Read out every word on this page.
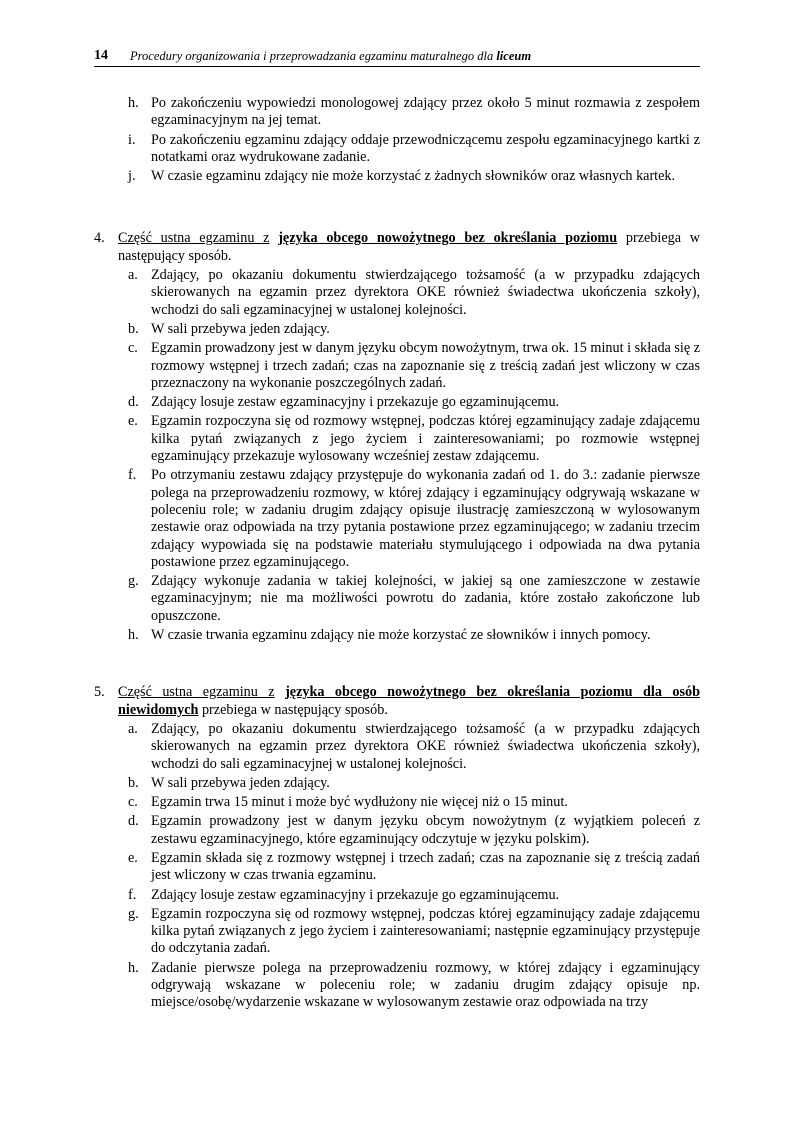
14 Procedury organizowania i przeprowadzania egzaminu maturalnego dla liceum
h. Po zakończeniu wypowiedzi monologowej zdający przez około 5 minut rozmawia z zespołem egzaminacyjnym na jej temat.
i. Po zakończeniu egzaminu zdający oddaje przewodniczącemu zespołu egzaminacyjnego kartki z notatkami oraz wydrukowane zadanie.
j. W czasie egzaminu zdający nie może korzystać z żadnych słowników oraz własnych kartek.
4. Część ustna egzaminu z języka obcego nowożytnego bez określania poziomu przebiega w następujący sposób.
a. Zdający, po okazaniu dokumentu stwierdzającego tożsamość (a w przypadku zdających skierowanych na egzamin przez dyrektora OKE również świadectwa ukończenia szkoły), wchodzi do sali egzaminacyjnej w ustalonej kolejności.
b. W sali przebywa jeden zdający.
c. Egzamin prowadzony jest w danym języku obcym nowożytnym, trwa ok. 15 minut i składa się z rozmowy wstępnej i trzech zadań; czas na zapoznanie się z treścią zadań jest wliczony w czas przeznaczony na wykonanie poszczególnych zadań.
d. Zdający losuje zestaw egzaminacyjny i przekazuje go egzaminującemu.
e. Egzamin rozpoczyna się od rozmowy wstępnej, podczas której egzaminujący zadaje zdającemu kilka pytań związanych z jego życiem i zainteresowaniami; po rozmowie wstępnej egzaminujący przekazuje wylosowany wcześniej zestaw zdającemu.
f. Po otrzymaniu zestawu zdający przystępuje do wykonania zadań od 1. do 3.: zadanie pierwsze polega na przeprowadzeniu rozmowy, w której zdający i egzaminujący odgrywają wskazane w poleceniu role; w zadaniu drugim zdający opisuje ilustrację zamieszczoną w wylosowanym zestawie oraz odpowiada na trzy pytania postawione przez egzaminującego; w zadaniu trzecim zdający wypowiada się na podstawie materiału stymulującego i odpowiada na dwa pytania postawione przez egzaminującego.
g. Zdający wykonuje zadania w takiej kolejności, w jakiej są one zamieszczone w zestawie egzaminacyjnym; nie ma możliwości powrotu do zadania, które zostało zakończone lub opuszczone.
h. W czasie trwania egzaminu zdający nie może korzystać ze słowników i innych pomocy.
5. Część ustna egzaminu z języka obcego nowożytnego bez określania poziomu dla osób niewidomych przebiega w następujący sposób.
a. Zdający, po okazaniu dokumentu stwierdzającego tożsamość (a w przypadku zdających skierowanych na egzamin przez dyrektora OKE również świadectwa ukończenia szkoły), wchodzi do sali egzaminacyjnej w ustalonej kolejności.
b. W sali przebywa jeden zdający.
c. Egzamin trwa 15 minut i może być wydłużony nie więcej niż o 15 minut.
d. Egzamin prowadzony jest w danym języku obcym nowożytnym (z wyjątkiem poleceń z zestawu egzaminacyjnego, które egzaminujący odczytuje w języku polskim).
e. Egzamin składa się z rozmowy wstępnej i trzech zadań; czas na zapoznanie się z treścią zadań jest wliczony w czas trwania egzaminu.
f. Zdający losuje zestaw egzaminacyjny i przekazuje go egzaminującemu.
g. Egzamin rozpoczyna się od rozmowy wstępnej, podczas której egzaminujący zadaje zdającemu kilka pytań związanych z jego życiem i zainteresowaniami; następnie egzaminujący przystępuje do odczytania zadań.
h. Zadanie pierwsze polega na przeprowadzeniu rozmowy, w której zdający i egzaminujący odgrywają wskazane w poleceniu role; w zadaniu drugim zdający opisuje np. miejsce/osobę/wydarzenie wskazane w wylosowanym zestawie oraz odpowiada na trzy
